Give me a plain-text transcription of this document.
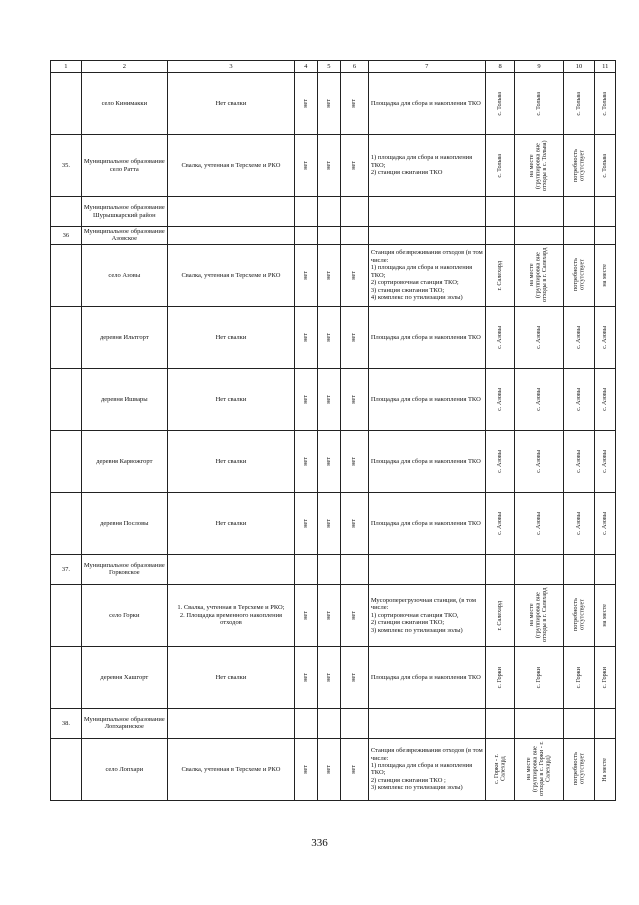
1	2	3	4	5	6	7	8	9	10	11
	село Кинимакки	Нет свалки	нет	нет	нет	Площадка для сбора и накопления ТКО	с. Тольва	с. Тольва	с. Тольва	с. Тольва

35.	Муниципальное образование село Ратта	Свалка, учтенная в Терсхеме и РКО	нет	нет	нет	1) площадка для сбора и накопления ТКО;
2) станция сжигания ТКО	с. Тольва	на месте (группировка вне отходы в с. Тольва)	потребность отсутствует	с. Тольва

	Муниципальное образование Шурышкарский район									
36	Муниципальное образование Азовское									
	село Азовы	Свалка, учтенная в Терсхеме и РКО	нет	нет	нет	Станция обезвреживания отходов (в том числе:
1) площадка для сбора и накопления ТКО;
2) сортировочная станция ТКО;
3) станция сжигания ТКО;
4) комплекс по утилизации золы)	г. Салехард	на месте (группировка вне отходы в г. Салехард	потребность отсутствует	на месте

	деревня Ильтгорт	Нет свалки	нет	нет	нет	Площадка для сбора и накопления ТКО	с. Азовы	с. Азовы	с. Азовы	с. Азовы

	деревня Ишвары	Нет свалки	нет	нет	нет	Площадка для сбора и накопления ТКО	с. Азовы	с. Азовы	с. Азовы	с. Азовы

	деревня Карвожгорт	Нет свалки	нет	нет	нет	Площадка для сбора и накопления ТКО	с. Азовы	с. Азовы	с. Азовы	с. Азовы

	деревня Пословы	Нет свалки	нет	нет	нет	Площадка для сбора и накопления ТКО	с. Азовы	с. Азовы	с. Азовы	с. Азовы

37.	Муниципальное образование Горковское									
	село Горки	1. Свалка, учтенная в Терсхеме и РКО;
2. Площадка временного накопления отходов	нет	нет	нет	Мусороперегрузочная станция, (в том числе:
1) сортировочная станция ТКО,
2) станция сжигания ТКО;
3) комплекс по утилизации золы)	г. Салехард	на месте (группировка вне отходы в г. Салехард	потребность отсутствует	на месте

	деревня Хашгорт	Нет свалки	нет	нет	нет	Площадка для сбора и накопления ТКО	с. Горки	с. Горки	с. Горки	с. Горки

38.	Муниципальное образование Лопхаринское									
	село Лопхари	Свалка, учтенная в Терсхеме и РКО	нет	нет	нет	Станция обезвреживания отходов (в том числе:
1) площадка для сбора и накопления ТКО;
2) станция сжигания ТКО ;
3) комплекс по утилизации золы)	с. Горки - г. Салехард	на месте (группировка вне отходы в с. Горки - г. Салехард)	потребность отсутствует	На месте
336
